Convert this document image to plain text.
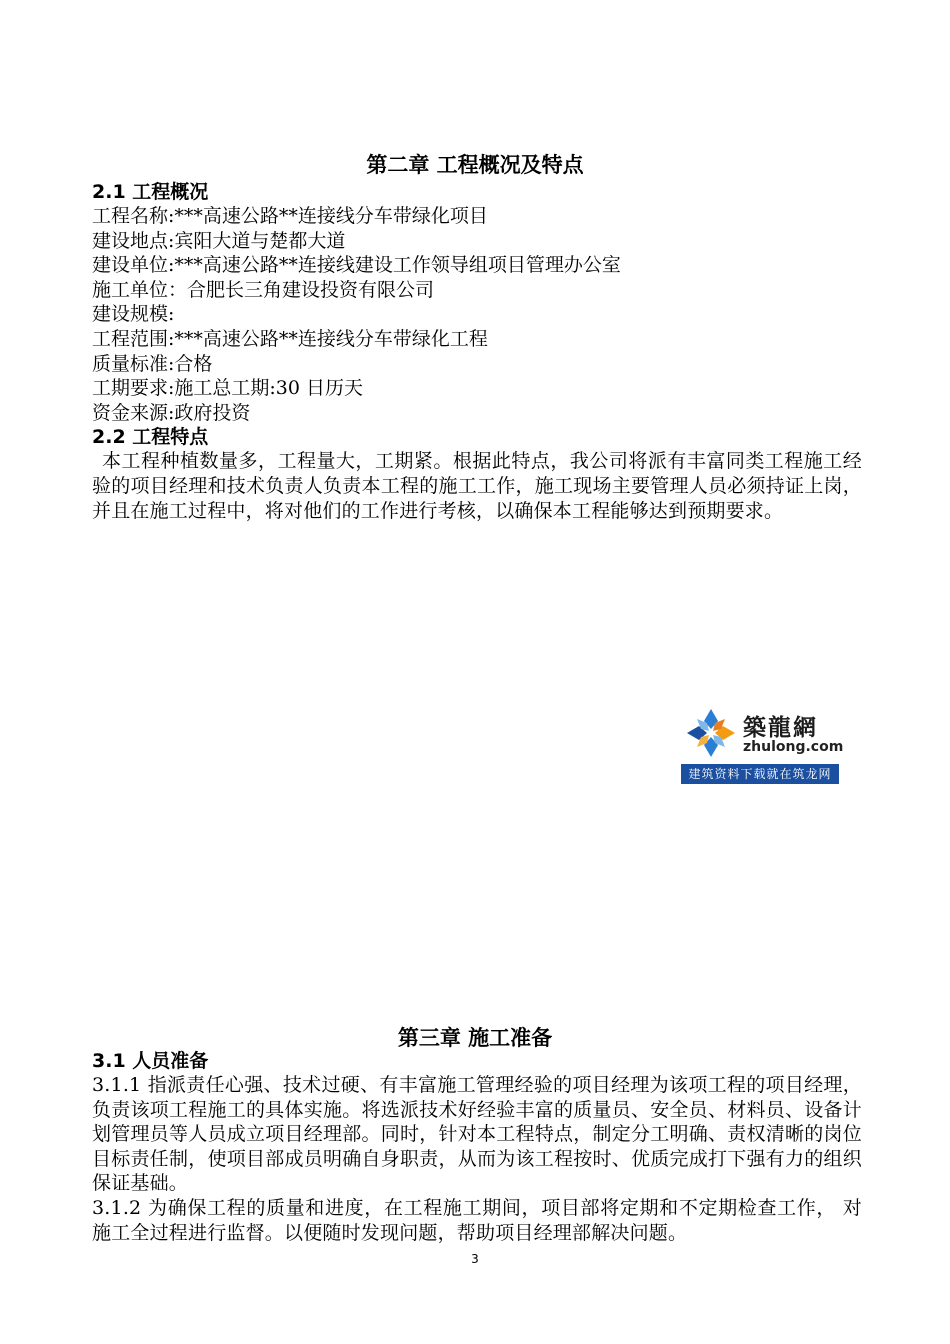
第二章 工程概况及特点

2.1 工程概况

工程名称:***高速公路**连接线分车带绿化项目

建设地点:宾阳大道与楚都大道

建设单位:***高速公路**连接线建设工作领导组项目管理办公室

施工单位：合肥长三角建设投资有限公司

建设规模:

工程范围:***高速公路**连接线分车带绿化工程

质量标准:合格

工期要求:施工总工期:30 日历天

资金来源:政府投资

2.2 工程特点

本工程种植数量多，工程量大，工期紧。根据此特点，我公司将派有丰富同类工程施工经验的项目经理和技术负责人负责本工程的施工工作，施工现场主要管理人员必须持证上岗，并且在施工过程中，将对他们的工作进行考核，以确保本工程能够达到预期要求。

築龍網
zhulong.com
建筑资料下载就在筑龙网
第三章 施工准备

3.1 人员准备

3.1.1 指派责任心强、技术过硬、有丰富施工管理经验的项目经理为该项工程的项目经理，负责该项工程施工的具体实施。将选派技术好经验丰富的质量员、安全员、材料员、设备计划管理员等人员成立项目经理部。同时，针对本工程特点，制定分工明确、责权清晰的岗位目标责任制，使项目部成员明确自身职责，从而为该工程按时、优质完成打下强有力的组织保证基础。

3.1.2 为确保工程的质量和进度，在工程施工期间，项目部将定期和不定期检查工作， 对施工全过程进行监督。以便随时发现问题，帮助项目经理部解决问题。

3
